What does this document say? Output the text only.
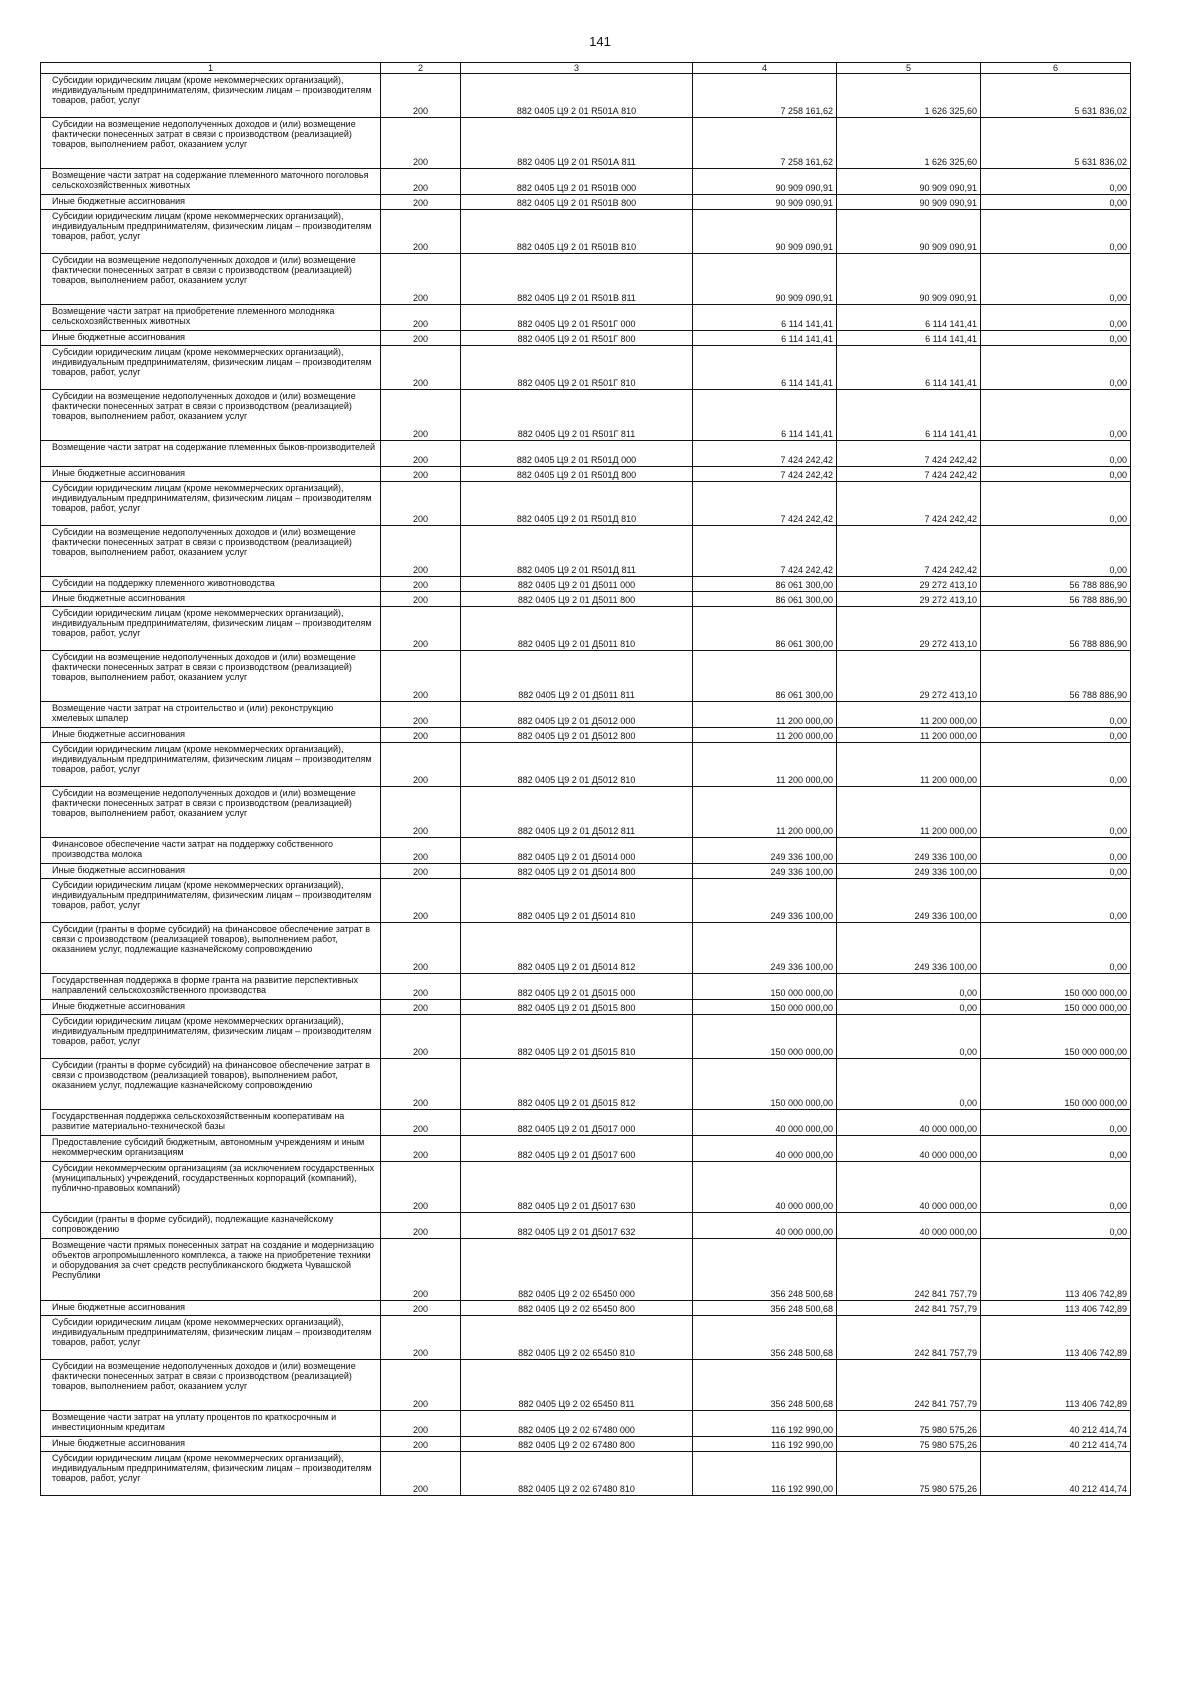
141
1	2	3	4	5	6
Субсидии юридическим лицам (кроме некоммерческих организаций), индивидуальным предпринимателям, физическим лицам – производителям товаров, работ, услуг	200	882 0405 Ц9 2 01 R501А 810	7 258 161,62	1 626 325,60	5 631 836,02
Субсидии на возмещение недополученных доходов и (или) возмещение фактически понесенных затрат в связи с производством (реализацией) товаров, выполнением работ, оказанием услуг	200	882 0405 Ц9 2 01 R501А 811	7 258 161,62	1 626 325,60	5 631 836,02
Возмещение части затрат на содержание племенного маточного поголовья сельскохозяйственных животных	200	882 0405 Ц9 2 01 R501В 000	90 909 090,91	90 909 090,91	0,00
Иные бюджетные ассигнования	200	882 0405 Ц9 2 01 R501В 800	90 909 090,91	90 909 090,91	0,00
Субсидии юридическим лицам (кроме некоммерческих организаций), индивидуальным предпринимателям, физическим лицам – производителям товаров, работ, услуг	200	882 0405 Ц9 2 01 R501В 810	90 909 090,91	90 909 090,91	0,00
Субсидии на возмещение недополученных доходов и (или) возмещение фактически понесенных затрат в связи с производством (реализацией) товаров, выполнением работ, оказанием услуг	200	882 0405 Ц9 2 01 R501В 811	90 909 090,91	90 909 090,91	0,00
Возмещение части затрат на приобретение племенного молодняка сельскохозяйственных животных	200	882 0405 Ц9 2 01 R501Г 000	6 114 141,41	6 114 141,41	0,00
Иные бюджетные ассигнования	200	882 0405 Ц9 2 01 R501Г 800	6 114 141,41	6 114 141,41	0,00
Субсидии юридическим лицам (кроме некоммерческих организаций), индивидуальным предпринимателям, физическим лицам – производителям товаров, работ, услуг	200	882 0405 Ц9 2 01 R501Г 810	6 114 141,41	6 114 141,41	0,00
Субсидии на возмещение недополученных доходов и (или) возмещение фактически понесенных затрат в связи с производством (реализацией) товаров, выполнением работ, оказанием услуг	200	882 0405 Ц9 2 01 R501Г 811	6 114 141,41	6 114 141,41	0,00
Возмещение части затрат на содержание племенных быков-производителей	200	882 0405 Ц9 2 01 R501Д 000	7 424 242,42	7 424 242,42	0,00
Иные бюджетные ассигнования	200	882 0405 Ц9 2 01 R501Д 800	7 424 242,42	7 424 242,42	0,00
Субсидии юридическим лицам (кроме некоммерческих организаций), индивидуальным предпринимателям, физическим лицам – производителям товаров, работ, услуг	200	882 0405 Ц9 2 01 R501Д 810	7 424 242,42	7 424 242,42	0,00
Субсидии на возмещение недополученных доходов и (или) возмещение фактически понесенных затрат в связи с производством (реализацией) товаров, выполнением работ, оказанием услуг	200	882 0405 Ц9 2 01 R501Д 811	7 424 242,42	7 424 242,42	0,00
Субсидии на поддержку племенного животноводства	200	882 0405 Ц9 2 01 Д5011 000	86 061 300,00	29 272 413,10	56 788 886,90
Иные бюджетные ассигнования	200	882 0405 Ц9 2 01 Д5011 800	86 061 300,00	29 272 413,10	56 788 886,90
Субсидии юридическим лицам (кроме некоммерческих организаций), индивидуальным предпринимателям, физическим лицам – производителям товаров, работ, услуг	200	882 0405 Ц9 2 01 Д5011 810	86 061 300,00	29 272 413,10	56 788 886,90
Субсидии на возмещение недополученных доходов и (или) возмещение фактически понесенных затрат в связи с производством (реализацией) товаров, выполнением работ, оказанием услуг	200	882 0405 Ц9 2 01 Д5011 811	86 061 300,00	29 272 413,10	56 788 886,90
Возмещение части затрат на строительство и (или) реконструкцию хмелевых шпалер	200	882 0405 Ц9 2 01 Д5012 000	11 200 000,00	11 200 000,00	0,00
Иные бюджетные ассигнования	200	882 0405 Ц9 2 01 Д5012 800	11 200 000,00	11 200 000,00	0,00
Субсидии юридическим лицам (кроме некоммерческих организаций), индивидуальным предпринимателям, физическим лицам – производителям товаров, работ, услуг	200	882 0405 Ц9 2 01 Д5012 810	11 200 000,00	11 200 000,00	0,00
Субсидии на возмещение недополученных доходов и (или) возмещение фактически понесенных затрат в связи с производством (реализацией) товаров, выполнением работ, оказанием услуг	200	882 0405 Ц9 2 01 Д5012 811	11 200 000,00	11 200 000,00	0,00
Финансовое обеспечение части затрат на поддержку собственного производства молока	200	882 0405 Ц9 2 01 Д5014 000	249 336 100,00	249 336 100,00	0,00
Иные бюджетные ассигнования	200	882 0405 Ц9 2 01 Д5014 800	249 336 100,00	249 336 100,00	0,00
Субсидии юридическим лицам (кроме некоммерческих организаций), индивидуальным предпринимателям, физическим лицам – производителям товаров, работ, услуг	200	882 0405 Ц9 2 01 Д5014 810	249 336 100,00	249 336 100,00	0,00
Субсидии (гранты в форме субсидий) на финансовое обеспечение затрат в связи с производством (реализацией товаров), выполнением работ, оказанием услуг, подлежащие казначейскому сопровождению	200	882 0405 Ц9 2 01 Д5014 812	249 336 100,00	249 336 100,00	0,00
Государственная поддержка в форме гранта на развитие перспективных направлений сельскохозяйственного производства	200	882 0405 Ц9 2 01 Д5015 000	150 000 000,00	0,00	150 000 000,00
Иные бюджетные ассигнования	200	882 0405 Ц9 2 01 Д5015 800	150 000 000,00	0,00	150 000 000,00
Субсидии юридическим лицам (кроме некоммерческих организаций), индивидуальным предпринимателям, физическим лицам – производителям товаров, работ, услуг	200	882 0405 Ц9 2 01 Д5015 810	150 000 000,00	0,00	150 000 000,00
Субсидии (гранты в форме субсидий) на финансовое обеспечение затрат в связи с производством (реализацией товаров), выполнением работ, оказанием услуг, подлежащие казначейскому сопровождению	200	882 0405 Ц9 2 01 Д5015 812	150 000 000,00	0,00	150 000 000,00
Государственная поддержка сельскохозяйственным кооперативам на развитие материально-технической базы	200	882 0405 Ц9 2 01 Д5017 000	40 000 000,00	40 000 000,00	0,00
Предоставление субсидий бюджетным, автономным учреждениям и иным некоммерческим организациям	200	882 0405 Ц9 2 01 Д5017 600	40 000 000,00	40 000 000,00	0,00
Субсидии некоммерческим организациям (за исключением государственных (муниципальных) учреждений, государственных корпораций (компаний), публично-правовых компаний)	200	882 0405 Ц9 2 01 Д5017 630	40 000 000,00	40 000 000,00	0,00
Субсидии (гранты в форме субсидий), подлежащие казначейскому сопровождению	200	882 0405 Ц9 2 01 Д5017 632	40 000 000,00	40 000 000,00	0,00
Возмещение части прямых понесенных затрат на создание и модернизацию объектов агропромышленного комплекса, а также на приобретение техники и оборудования за счет средств республиканского бюджета Чувашской Республики	200	882 0405 Ц9 2 02 65450 000	356 248 500,68	242 841 757,79	113 406 742,89
Иные бюджетные ассигнования	200	882 0405 Ц9 2 02 65450 800	356 248 500,68	242 841 757,79	113 406 742,89
Субсидии юридическим лицам (кроме некоммерческих организаций), индивидуальным предпринимателям, физическим лицам – производителям товаров, работ, услуг	200	882 0405 Ц9 2 02 65450 810	356 248 500,68	242 841 757,79	113 406 742,89
Субсидии на возмещение недополученных доходов и (или) возмещение фактически понесенных затрат в связи с производством (реализацией) товаров, выполнением работ, оказанием услуг	200	882 0405 Ц9 2 02 65450 811	356 248 500,68	242 841 757,79	113 406 742,89
Возмещение части затрат на уплату процентов по краткосрочным и инвестиционным кредитам	200	882 0405 Ц9 2 02 67480 000	116 192 990,00	75 980 575,26	40 212 414,74
Иные бюджетные ассигнования	200	882 0405 Ц9 2 02 67480 800	116 192 990,00	75 980 575,26	40 212 414,74
Субсидии юридическим лицам (кроме некоммерческих организаций), индивидуальным предпринимателям, физическим лицам – производителям товаров, работ, услуг	200	882 0405 Ц9 2 02 67480 810	116 192 990,00	75 980 575,26	40 212 414,74
